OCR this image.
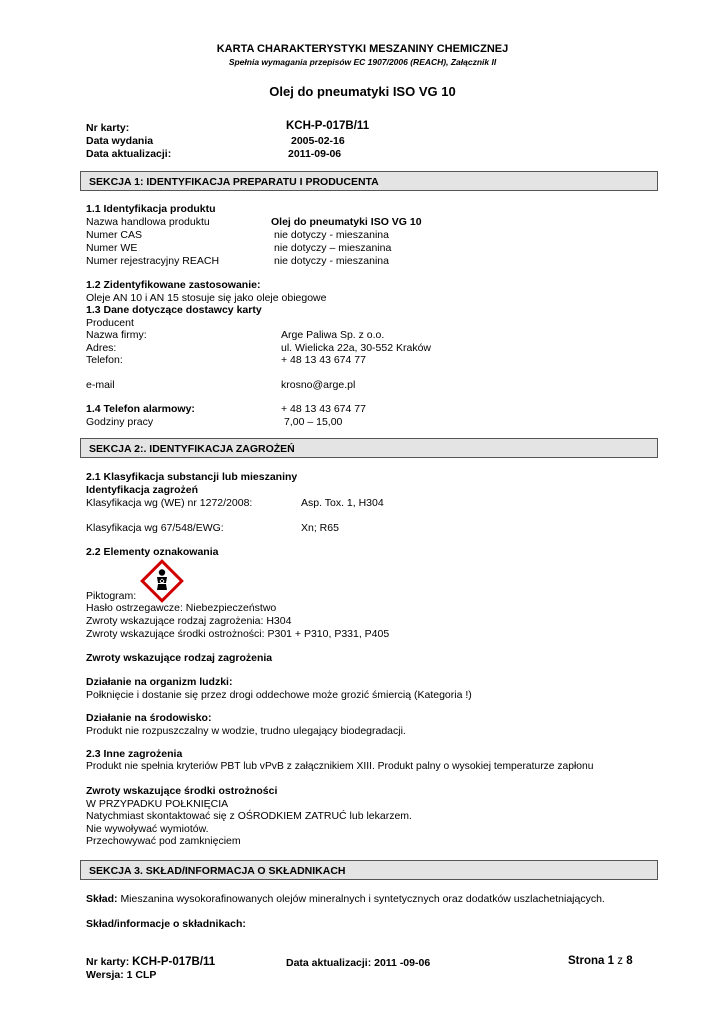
KARTA CHARAKTERYSTYKI MESZANINY CHEMICZNEJ
Spełnia wymagania przepisów EC 1907/2006 (REACH), Załącznik II
Olej do pneumatyki ISO VG 10
Nr karty:	KCH-P-017B/11
Data wydania	2005-02-16
Data aktualizacji:	2011-09-06
SEKCJA 1: IDENTYFIKACJA PREPARATU I PRODUCENTA
1.1 Identyfikacja produktu
Nazwa handlowa produktu	Olej do pneumatyki ISO VG 10
Numer CAS	nie dotyczy - mieszanina
Numer WE	nie dotyczy – mieszanina
Numer rejestracyjny REACH	nie dotyczy - mieszanina
1.2 Zidentyfikowane zastosowanie:
Oleje AN 10 i AN 15 stosuje się jako oleje obiegowe
1.3 Dane dotyczące dostawcy karty
Producent
Nazwa firmy:	Arge Paliwa Sp. z o.o.
Adres:	ul. Wielicka 22a, 30-552 Kraków
Telefon:	+ 48 13 43 674 77
e-mail	krosno@arge.pl
1.4 Telefon alarmowy:	+ 48 13 43 674 77
Godziny pracy	7,00 – 15,00
SEKCJA 2:. IDENTYFIKACJA ZAGROŻEŃ
2.1 Klasyfikacja substancji lub mieszaniny
Identyfikacja zagrożeń
Klasyfikacja wg (WE) nr 1272/2008:	Asp. Tox. 1, H304
Klasyfikacja wg 67/548/EWG:	Xn; R65
2.2 Elementy oznakowania
Piktogram:
Hasło ostrzegawcze: Niebezpieczeństwo
Zwroty wskazujące rodzaj zagrożenia: H304
Zwroty wskazujące środki ostrożności: P301 + P310, P331, P405
Zwroty wskazujące rodzaj zagrożenia
Działanie na organizm ludzki:
Połknięcie i dostanie się przez drogi oddechowe może grozić śmiercią (Kategoria !)
Działanie na środowisko:
Produkt nie rozpuszczalny w wodzie, trudno ulegający biodegradacji.
2.3 Inne zagrożenia
Produkt nie spełnia kryteriów PBT lub vPvB z załącznikiem XIII. Produkt palny o wysokiej temperaturze zapłonu
Zwroty wskazujące środki ostrożności
W PRZYPADKU POŁKNIĘCIA
Natychmiast skontaktować się z OŚRODKIEM ZATRUĆ lub lekarzem.
Nie wywoływać wymiotów.
Przechowywać pod zamknięciem
SEKCJA 3. SKŁAD/INFORMACJA O SKŁADNIKACH
Skład: Mieszanina wysokorafinowanych olejów mineralnych i syntetycznych oraz dodatków uszlachetniających.
Skład/informacje o składnikach:
Nr karty: KCH-P-017B/11
Wersja: 1 CLP
Data aktualizacji: 2011 -09-06	Strona 1 z 8
